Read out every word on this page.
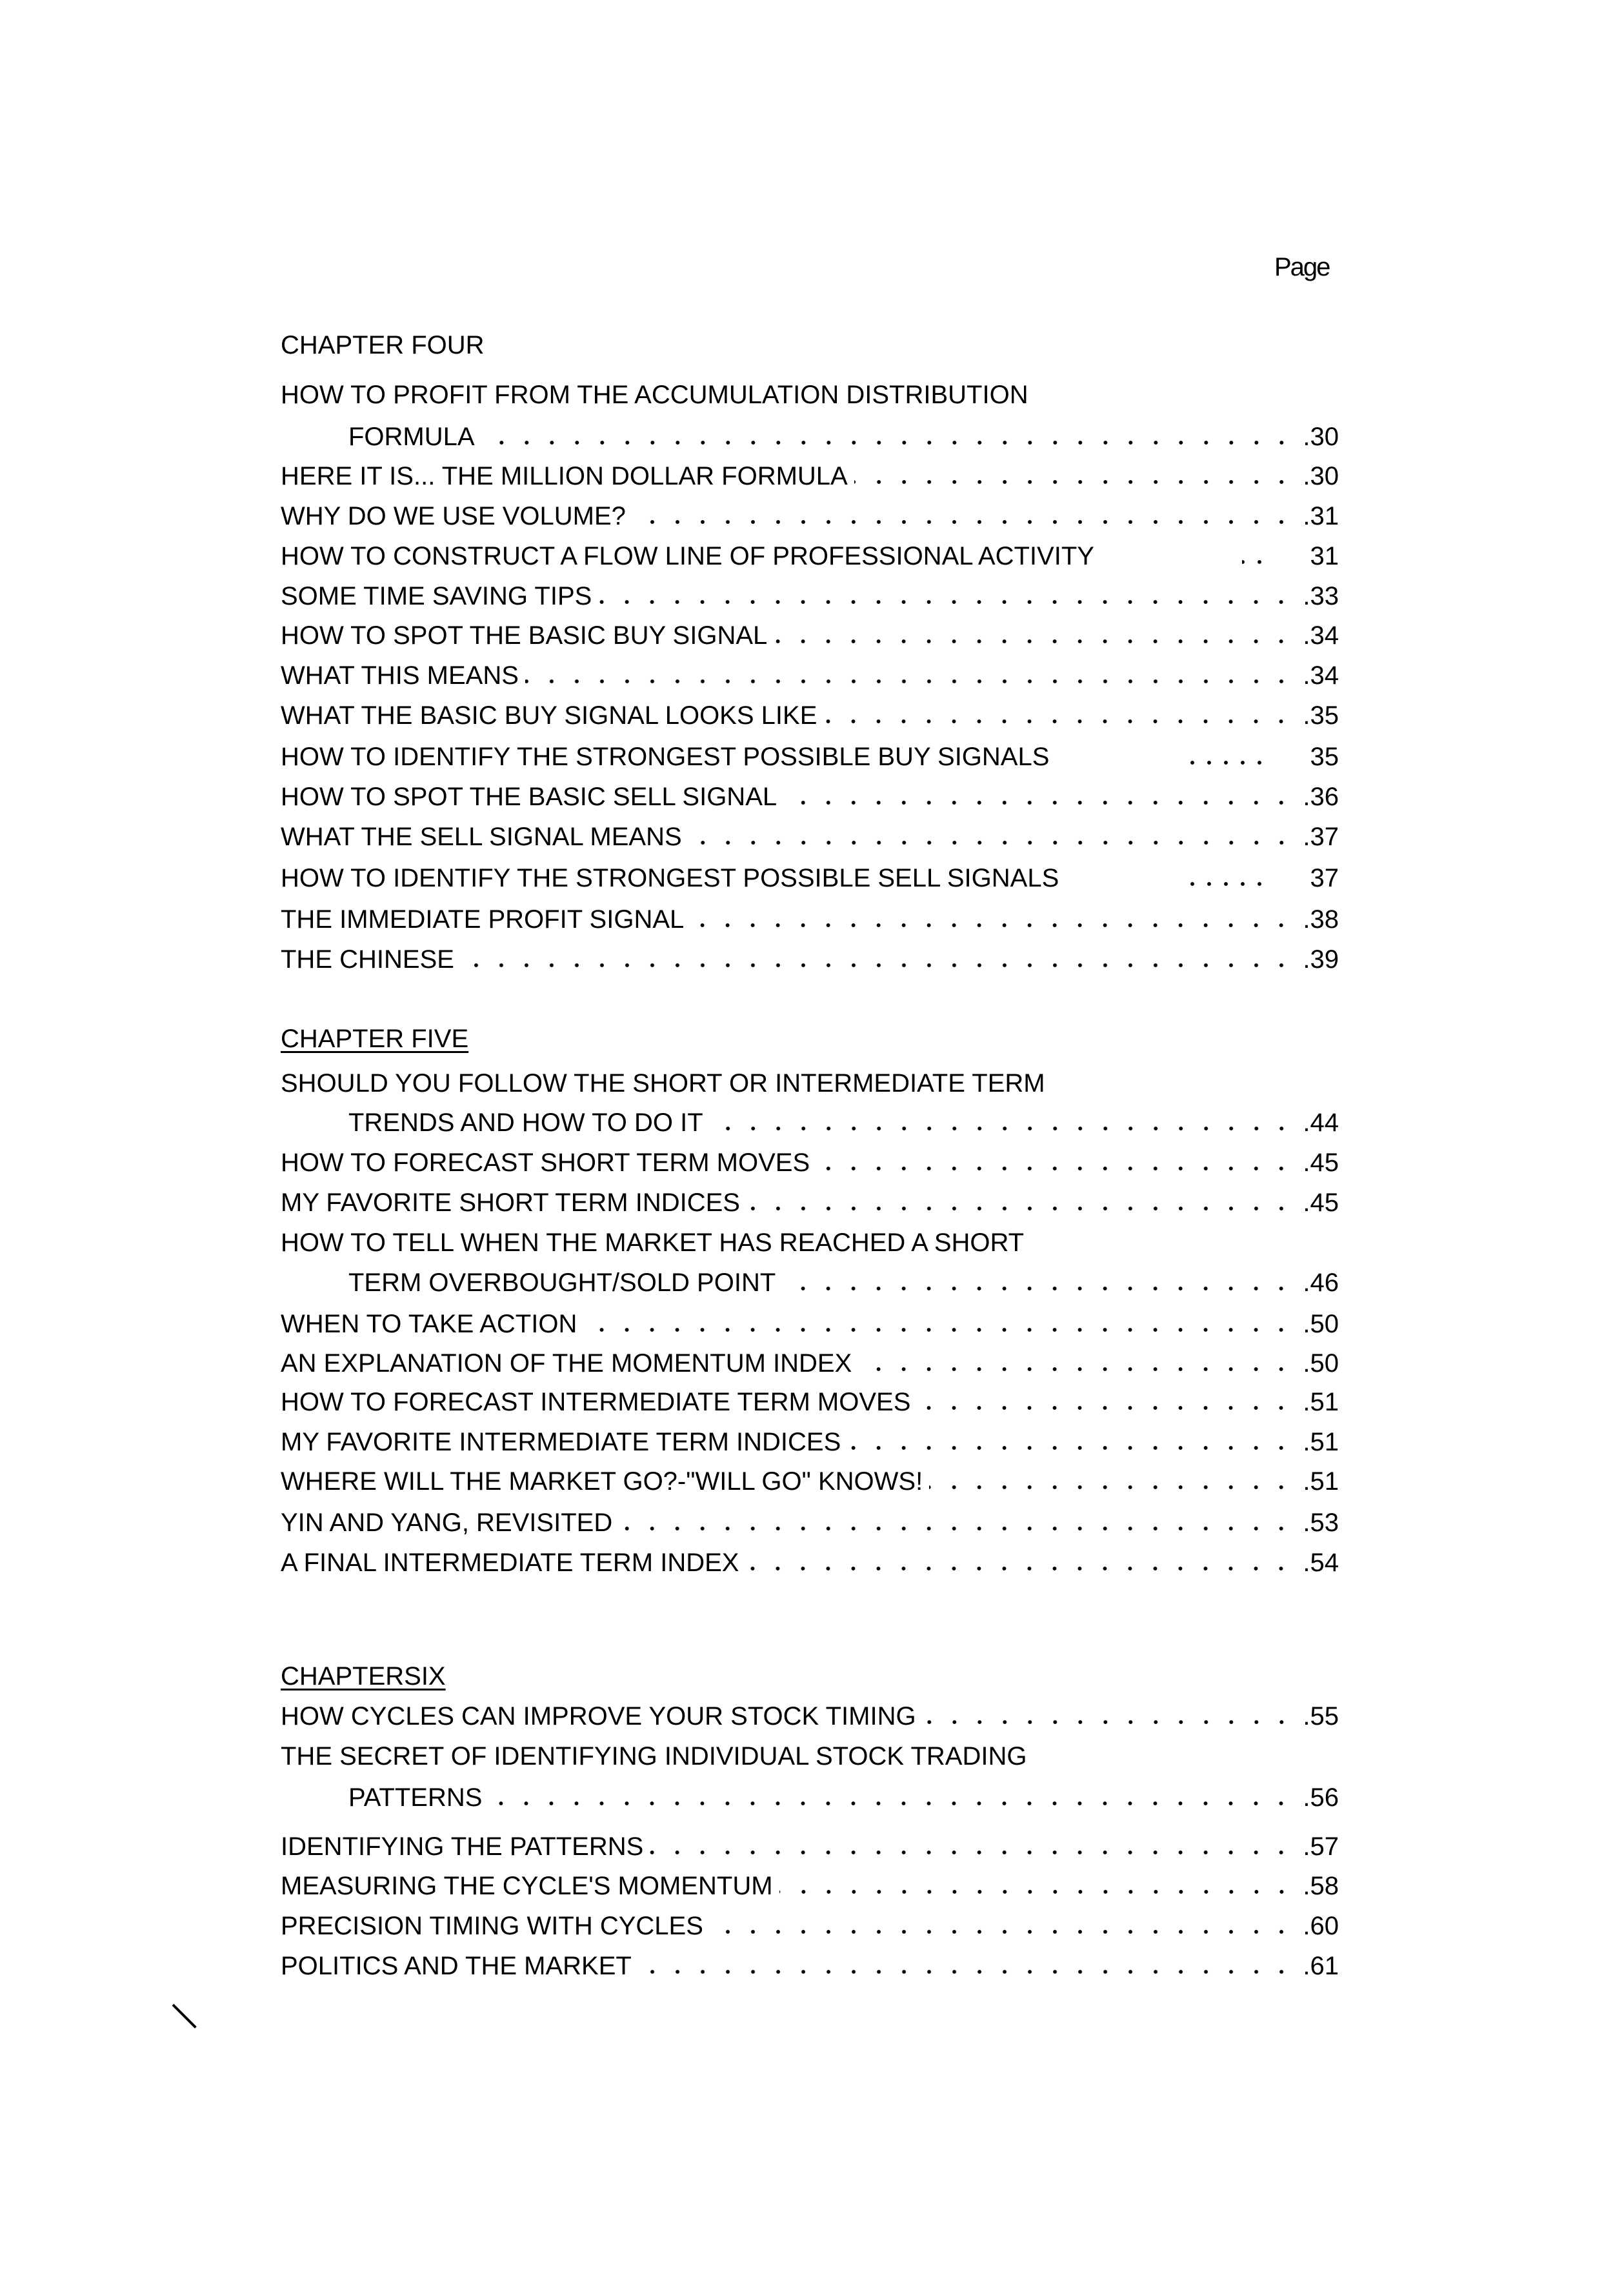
Page
CHAPTER FOUR
HOW TO PROFIT FROM THE ACCUMULATION DISTRIBUTION
FORMULA	.30
HERE IT IS... THE MILLION DOLLAR FORMULA	.30
WHY DO WE USE VOLUME?	.31
HOW TO CONSTRUCT A FLOW LINE OF PROFESSIONAL ACTIVITY	31
SOME TIME SAVING TIPS	.33
HOW TO SPOT THE BASIC BUY SIGNAL	.34
WHAT THIS MEANS	.34
WHAT THE BASIC BUY SIGNAL LOOKS LIKE	.35
HOW TO IDENTIFY THE STRONGEST POSSIBLE BUY SIGNALS	35
HOW TO SPOT THE BASIC SELL SIGNAL	.36
WHAT THE SELL SIGNAL MEANS	.37
HOW TO IDENTIFY THE STRONGEST POSSIBLE SELL SIGNALS	37
THE IMMEDIATE PROFIT SIGNAL	.38
THE CHINESE	.39
CHAPTER FIVE
SHOULD YOU FOLLOW THE SHORT OR INTERMEDIATE TERM
TRENDS AND HOW TO DO IT	.44
HOW TO FORECAST SHORT TERM MOVES	.45
MY FAVORITE SHORT TERM INDICES	.45
HOW TO TELL WHEN THE MARKET HAS REACHED A SHORT
TERM OVERBOUGHT/SOLD POINT	.46
WHEN TO TAKE ACTION	.50
AN EXPLANATION OF THE MOMENTUM INDEX	.50
HOW TO FORECAST INTERMEDIATE TERM MOVES	.51
MY FAVORITE INTERMEDIATE TERM INDICES	.51
WHERE WILL THE MARKET GO?-"WILL GO" KNOWS!	.51
YIN AND YANG, REVISITED	.53
A FINAL INTERMEDIATE TERM INDEX	.54
CHAPTERSIX
HOW CYCLES CAN IMPROVE YOUR STOCK TIMING	.55
THE SECRET OF IDENTIFYING INDIVIDUAL STOCK TRADING
PATTERNS	.56
IDENTIFYING THE PATTERNS	.57
MEASURING THE CYCLE'S MOMENTUM	.58
PRECISION TIMING WITH CYCLES	.60
POLITICS AND THE MARKET	.61
